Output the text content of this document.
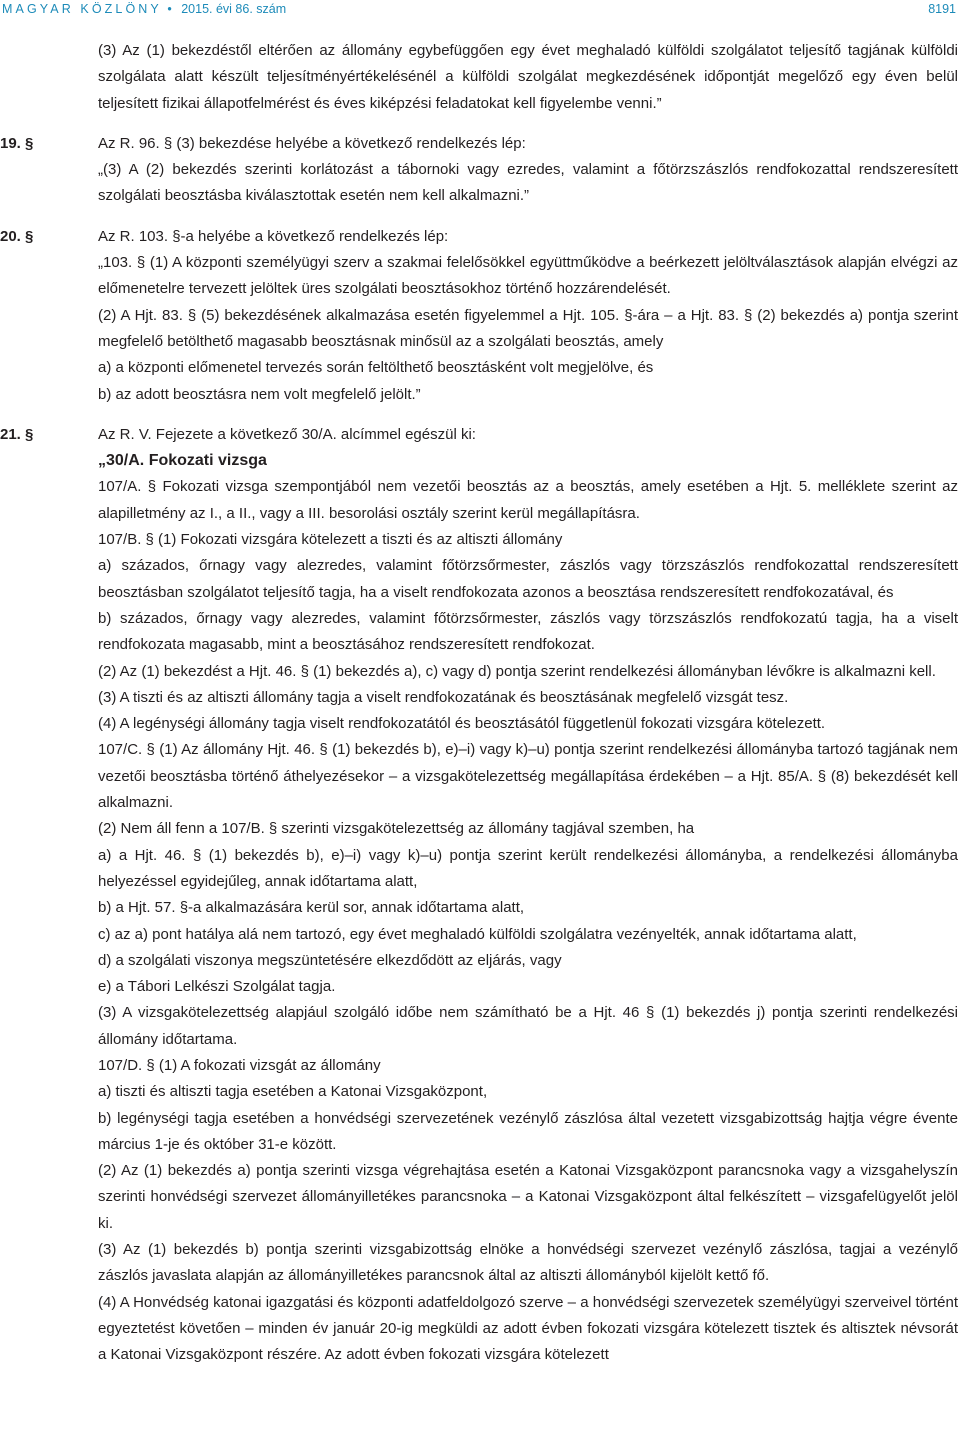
MAGYAR KÖZLÖNY • 2015. évi 86. szám	8191

(3) Az (1) bekezdéstől eltérően az állomány egybefüggően egy évet meghaladó külföldi szolgálatot teljesítő tagjának külföldi szolgálata alatt készült teljesítményértékelésénél a külföldi szolgálat megkezdésének időpontját megelőző egy éven belül teljesített fizikai állapotfelmérést és éves kiképzési feladatokat kell figyelembe venni.”

19. §	Az R. 96. § (3) bekezdése helyébe a következő rendelkezés lép:

„(3) A (2) bekezdés szerinti korlátozást a tábornoki vagy ezredes, valamint a főtörzszászlós rendfokozattal rendszeresített szolgálati beosztásba kiválasztottak esetén nem kell alkalmazni.”

20. §	Az R. 103. §-a helyébe a következő rendelkezés lép:

„103. § (1) A központi személyügyi szerv a szakmai felelősökkel együttműködve a beérkezett jelöltválasztások alapján elvégzi az előmenetelre tervezett jelöltek üres szolgálati beosztásokhoz történő hozzárendelését.

(2) A Hjt. 83. § (5) bekezdésének alkalmazása esetén figyelemmel a Hjt. 105. §-ára – a Hjt. 83. § (2) bekezdés a) pontja szerint megfelelő betölthető magasabb beosztásnak minősül az a szolgálati beosztás, amely

a) a központi előmenetel tervezés során feltölthető beosztásként volt megjelölve, és

b) az adott beosztásra nem volt megfelelő jelölt.”

21. §	Az R. V. Fejezete a következő 30/A. alcímmel egészül ki:

„30/A. Fokozati vizsga

107/A. § Fokozati vizsga szempontjából nem vezetői beosztás az a beosztás, amely esetében a Hjt. 5. melléklete szerint az alapilletmény az I., a II., vagy a III. besorolási osztály szerint kerül megállapításra.

107/B. § (1) Fokozati vizsgára kötelezett a tiszti és az altiszti állomány

a) százados, őrnagy vagy alezredes, valamint főtörzsőrmester, zászlós vagy törzszászlós rendfokozattal rendszeresített beosztásban szolgálatot teljesítő tagja, ha a viselt rendfokozata azonos a beosztása rendszeresített rendfokozatával, és

b) százados, őrnagy vagy alezredes, valamint főtörzsőrmester, zászlós vagy törzszászlós rendfokozatú tagja, ha a viselt rendfokozata magasabb, mint a beosztásához rendszeresített rendfokozat.

(2) Az (1) bekezdést a Hjt. 46. § (1) bekezdés a), c) vagy d) pontja szerint rendelkezési állományban lévőkre is alkalmazni kell.

(3) A tiszti és az altiszti állomány tagja a viselt rendfokozatának és beosztásának megfelelő vizsgát tesz.

(4) A legénységi állomány tagja viselt rendfokozatától és beosztásától függetlenül fokozati vizsgára kötelezett.

107/C. § (1) Az állomány Hjt. 46. § (1) bekezdés b), e)–i) vagy k)–u) pontja szerint rendelkezési állományba tartozó tagjának nem vezetői beosztásba történő áthelyezésekor – a vizsgakötelezettség megállapítása érdekében – a Hjt. 85/A. § (8) bekezdését kell alkalmazni.

(2) Nem áll fenn a 107/B. § szerinti vizsgakötelezettség az állomány tagjával szemben, ha

a) a Hjt. 46. § (1) bekezdés b), e)–i) vagy k)–u) pontja szerint került rendelkezési állományba, a rendelkezési állományba helyezéssel egyidejűleg, annak időtartama alatt,

b) a Hjt. 57. §-a alkalmazására kerül sor, annak időtartama alatt,

c) az a) pont hatálya alá nem tartozó, egy évet meghaladó külföldi szolgálatra vezényelték, annak időtartama alatt,

d) a szolgálati viszonya megszüntetésére elkezdődött az eljárás, vagy

e) a Tábori Lelkészi Szolgálat tagja.

(3) A vizsgakötelezettség alapjául szolgáló időbe nem számítható be a Hjt. 46 § (1) bekezdés j) pontja szerinti rendelkezési állomány időtartama.

107/D. § (1) A fokozati vizsgát az állomány

a) tiszti és altiszti tagja esetében a Katonai Vizsgaközpont,

b) legénységi tagja esetében a honvédségi szervezetének vezénylő zászlósa által vezetett vizsgabizottság hajtja végre évente március 1-je és október 31-e között.

(2) Az (1) bekezdés a) pontja szerinti vizsga végrehajtása esetén a Katonai Vizsgaközpont parancsnoka vagy a vizsgahelyszín szerinti honvédségi szervezet állományilletékes parancsnoka – a Katonai Vizsgaközpont által felkészített – vizsgafelügyelőt jelöl ki.

(3) Az (1) bekezdés b) pontja szerinti vizsgabizottság elnöke a honvédségi szervezet vezénylő zászlósa, tagjai a vezénylő zászlós javaslata alapján az állományilletékes parancsnok által az altiszti állományból kijelölt kettő fő.

(4) A Honvédség katonai igazgatási és központi adatfeldolgozó szerve – a honvédségi szervezetek személyügyi szerveivel történt egyeztetést követően – minden év január 20-ig megküldi az adott évben fokozati vizsgára kötelezett tisztek és altisztek névsorát a Katonai Vizsgaközpont részére. Az adott évben fokozati vizsgára kötelezett
